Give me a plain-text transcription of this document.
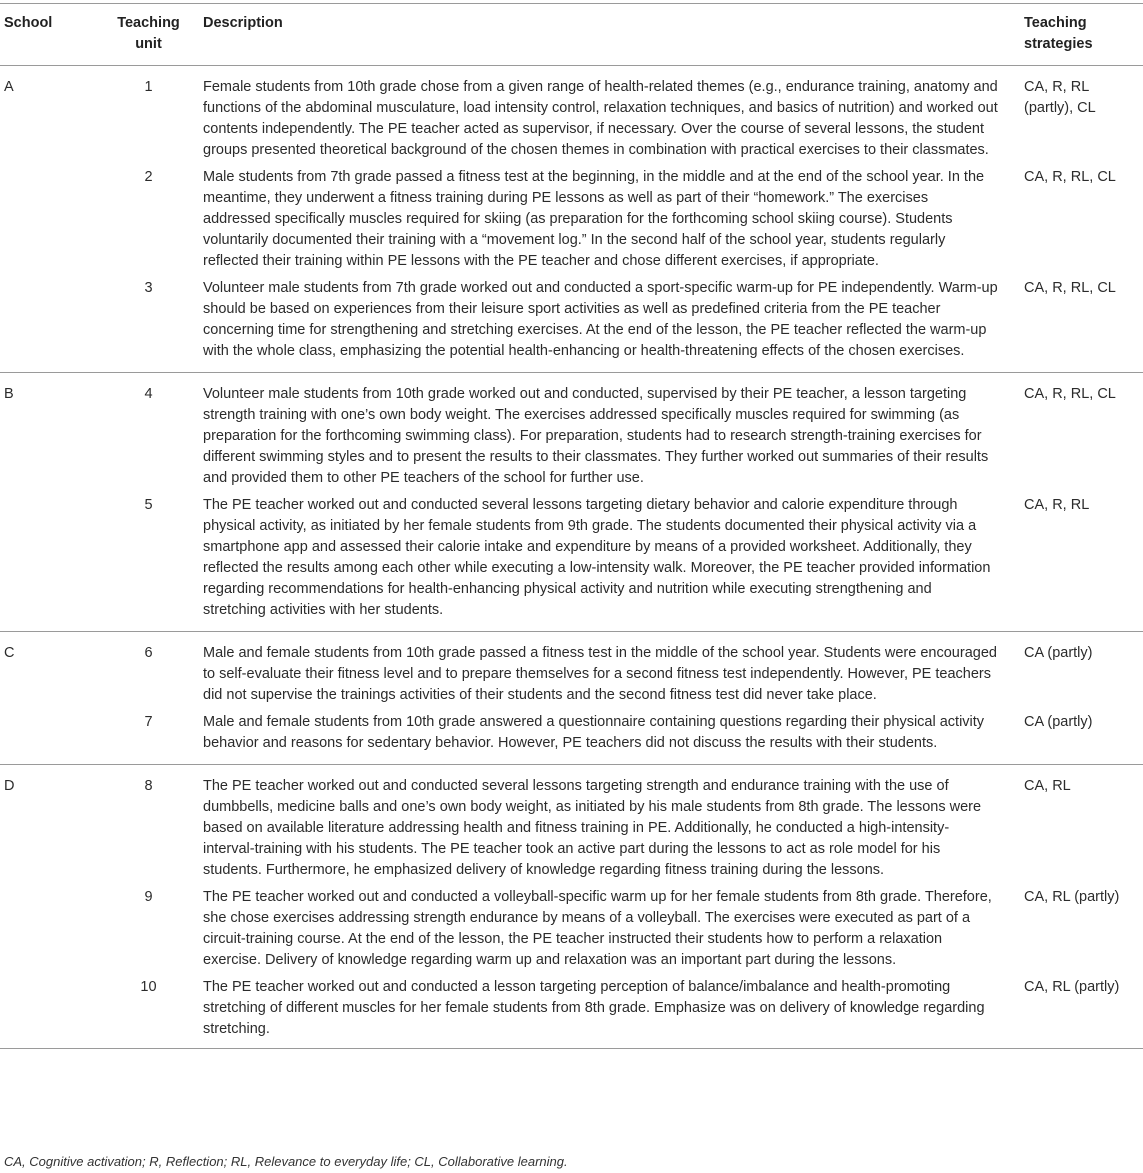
School	Teaching unit	Description	Teaching strategies
A	1	Female students from 10th grade chose from a given range of health-related themes (e.g., endurance training, anatomy and functions of the abdominal musculature, load intensity control, relaxation techniques, and basics of nutrition) and worked out contents independently. The PE teacher acted as supervisor, if necessary. Over the course of several lessons, the student groups presented theoretical background of the chosen themes in combination with practical exercises to their classmates.	CA, R, RL (partly), CL
	2	Male students from 7th grade passed a fitness test at the beginning, in the middle and at the end of the school year. In the meantime, they underwent a fitness training during PE lessons as well as part of their “homework.” The exercises addressed specifically muscles required for skiing (as preparation for the forthcoming school skiing course). Students voluntarily documented their training with a “movement log.” In the second half of the school year, students regularly reflected their training within PE lessons with the PE teacher and chose different exercises, if appropriate.	CA, R, RL, CL
	3	Volunteer male students from 7th grade worked out and conducted a sport-specific warm-up for PE independently. Warm-up should be based on experiences from their leisure sport activities as well as predefined criteria from the PE teacher concerning time for strengthening and stretching exercises. At the end of the lesson, the PE teacher reflected the warm-up with the whole class, emphasizing the potential health-enhancing or health-threatening effects of the chosen exercises.	CA, R, RL, CL
B	4	Volunteer male students from 10th grade worked out and conducted, supervised by their PE teacher, a lesson targeting strength training with one’s own body weight. The exercises addressed specifically muscles required for swimming (as preparation for the forthcoming swimming class). For preparation, students had to research strength-training exercises for different swimming styles and to present the results to their classmates. They further worked out summaries of their results and provided them to other PE teachers of the school for further use.	CA, R, RL, CL
	5	The PE teacher worked out and conducted several lessons targeting dietary behavior and calorie expenditure through physical activity, as initiated by her female students from 9th grade. The students documented their physical activity via a smartphone app and assessed their calorie intake and expenditure by means of a provided worksheet. Additionally, they reflected the results among each other while executing a low-intensity walk. Moreover, the PE teacher provided information regarding recommendations for health-enhancing physical activity and nutrition while executing strengthening and stretching activities with her students.	CA, R, RL
C	6	Male and female students from 10th grade passed a fitness test in the middle of the school year. Students were encouraged to self-evaluate their fitness level and to prepare themselves for a second fitness test independently. However, PE teachers did not supervise the trainings activities of their students and the second fitness test did never take place.	CA (partly)
	7	Male and female students from 10th grade answered a questionnaire containing questions regarding their physical activity behavior and reasons for sedentary behavior. However, PE teachers did not discuss the results with their students.	CA (partly)
D	8	The PE teacher worked out and conducted several lessons targeting strength and endurance training with the use of dumbbells, medicine balls and one’s own body weight, as initiated by his male students from 8th grade. The lessons were based on available literature addressing health and fitness training in PE. Additionally, he conducted a high-intensity-interval-training with his students. The PE teacher took an active part during the lessons to act as role model for his students. Furthermore, he emphasized delivery of knowledge regarding fitness training during the lessons.	CA, RL
	9	The PE teacher worked out and conducted a volleyball-specific warm up for her female students from 8th grade. Therefore, she chose exercises addressing strength endurance by means of a volleyball. The exercises were executed as part of a circuit-training course. At the end of the lesson, the PE teacher instructed their students how to perform a relaxation exercise. Delivery of knowledge regarding warm up and relaxation was an important part during the lessons.	CA, RL (partly)
	10	The PE teacher worked out and conducted a lesson targeting perception of balance/imbalance and health-promoting stretching of different muscles for her female students from 8th grade. Emphasize was on delivery of knowledge regarding stretching.	CA, RL (partly)
CA, Cognitive activation; R, Reflection; RL, Relevance to everyday life; CL, Collaborative learning.
